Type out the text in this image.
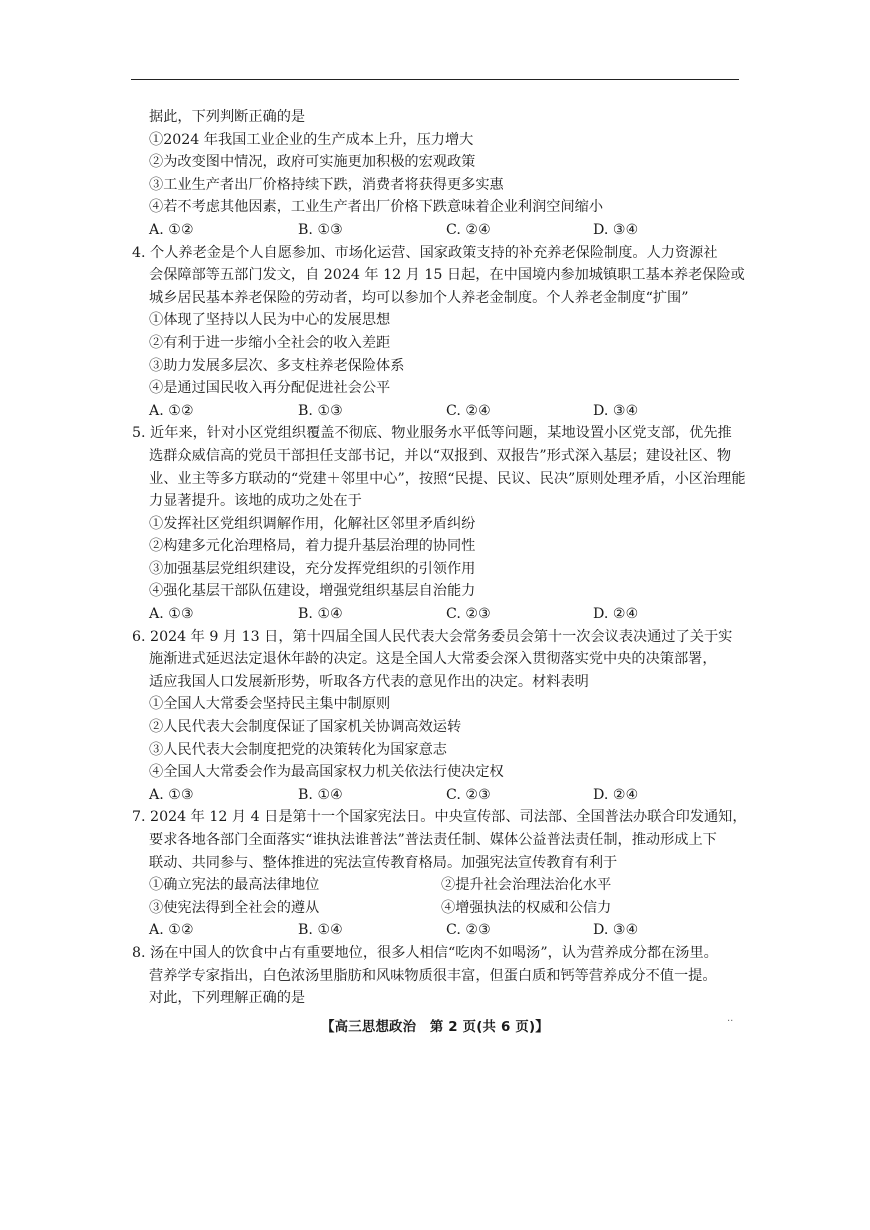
据此，下列判断正确的是
①2024 年我国工业企业的生产成本上升，压力增大
②为改变图中情况，政府可实施更加积极的宏观政策
③工业生产者出厂价格持续下跌，消费者将获得更多实惠
④若不考虑其他因素，工业生产者出厂价格下跌意味着企业利润空间缩小
A. ①②	B. ①③	C. ②④	D. ③④
4. 个人养老金是个人自愿参加、市场化运营、国家政策支持的补充养老保险制度。人力资源社
会保障部等五部门发文，自 2024 年 12 月 15 日起，在中国境内参加城镇职工基本养老保险或
城乡居民基本养老保险的劳动者，均可以参加个人养老金制度。个人养老金制度“扩围”
①体现了坚持以人民为中心的发展思想
②有利于进一步缩小全社会的收入差距
③助力发展多层次、多支柱养老保险体系
④是通过国民收入再分配促进社会公平
A. ①②	B. ①③	C. ②④	D. ③④
5. 近年来，针对小区党组织覆盖不彻底、物业服务水平低等问题，某地设置小区党支部，优先推
选群众威信高的党员干部担任支部书记，并以“双报到、双报告”形式深入基层；建设社区、物
业、业主等多方联动的“党建＋邻里中心”，按照“民提、民议、民决”原则处理矛盾，小区治理能
力显著提升。该地的成功之处在于
①发挥社区党组织调解作用，化解社区邻里矛盾纠纷
②构建多元化治理格局，着力提升基层治理的协同性
③加强基层党组织建设，充分发挥党组织的引领作用
④强化基层干部队伍建设，增强党组织基层自治能力
A. ①③	B. ①④	C. ②③	D. ②④
6. 2024 年 9 月 13 日，第十四届全国人民代表大会常务委员会第十一次会议表决通过了关于实
施渐进式延迟法定退休年龄的决定。这是全国人大常委会深入贯彻落实党中央的决策部署，
适应我国人口发展新形势，听取各方代表的意见作出的决定。材料表明
①全国人大常委会坚持民主集中制原则
②人民代表大会制度保证了国家机关协调高效运转
③人民代表大会制度把党的决策转化为国家意志
④全国人大常委会作为最高国家权力机关依法行使决定权
A. ①③	B. ①④	C. ②③	D. ②④
7. 2024 年 12 月 4 日是第十一个国家宪法日。中央宣传部、司法部、全国普法办联合印发通知，
要求各地各部门全面落实“谁执法谁普法”普法责任制、媒体公益普法责任制，推动形成上下
联动、共同参与、整体推进的宪法宣传教育格局。加强宪法宣传教育有利于
①确立宪法的最高法律地位	②提升社会治理法治化水平
③使宪法得到全社会的遵从	④增强执法的权威和公信力
A. ①②	B. ①④	C. ②③	D. ③④
8. 汤在中国人的饮食中占有重要地位，很多人相信“吃肉不如喝汤”，认为营养成分都在汤里。
营养学专家指出，白色浓汤里脂肪和风味物质很丰富，但蛋白质和钙等营养成分不值一提。
对此，下列理解正确的是
【高三思想政治　第 2 页(共 6 页)】	··
